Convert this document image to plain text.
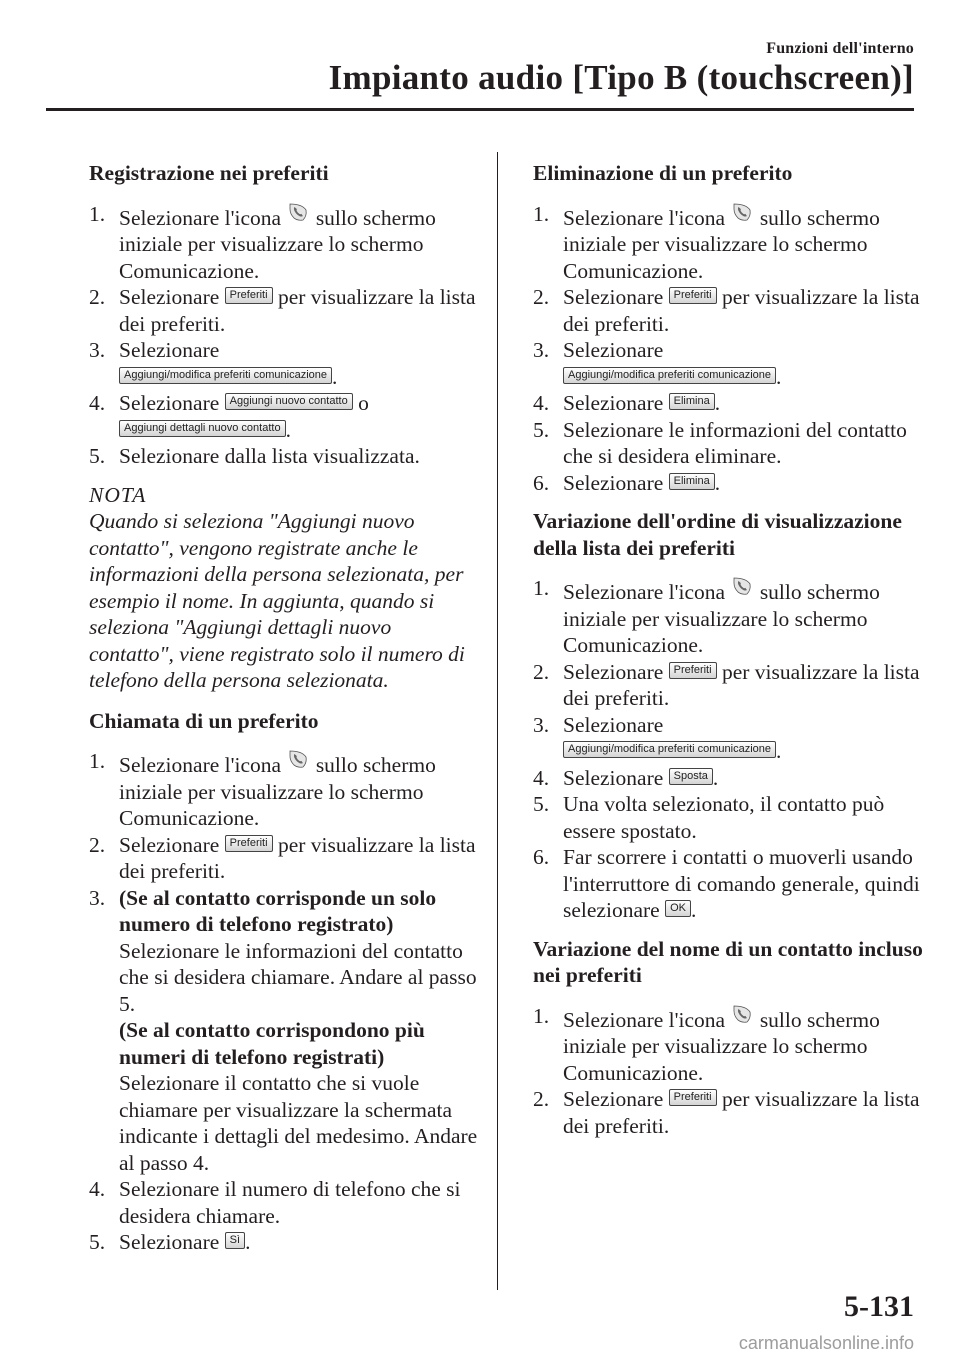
Funzioni dell'interno
Impianto audio [Tipo B (touchscreen)]
Registrazione nei preferiti

1. Selezionare l'icona  sullo schermo iniziale per visualizzare lo schermo Comunicazione.

2. Selezionare Preferiti per visualizzare la lista dei preferiti.

3. Selezionare
Aggiungi/modifica preferiti comunicazione .

4. Selezionare Aggiungi nuovo contatto o
Aggiungi dettagli nuovo contatto .

5. Selezionare dalla lista visualizzata.

NOTA

Quando si seleziona "Aggiungi nuovo contatto", vengono registrate anche le informazioni della persona selezionata, per esempio il nome. In aggiunta, quando si seleziona "Aggiungi dettagli nuovo contatto", viene registrato solo il numero di telefono della persona selezionata.

Chiamata di un preferito

1. Selezionare l'icona  sullo schermo iniziale per visualizzare lo schermo Comunicazione.

2. Selezionare Preferiti per visualizzare la lista dei preferiti.

3. (Se al contatto corrisponde un solo numero di telefono registrato)
Selezionare le informazioni del contatto che si desidera chiamare. Andare al passo 5.
(Se al contatto corrispondono più numeri di telefono registrati)
Selezionare il contatto che si vuole chiamare per visualizzare la schermata indicante i dettagli del medesimo. Andare al passo 4.

4. Selezionare il numero di telefono che si desidera chiamare.

5. Selezionare Sì .

Eliminazione di un preferito

1. Selezionare l'icona  sullo schermo iniziale per visualizzare lo schermo Comunicazione.

2. Selezionare Preferiti per visualizzare la lista dei preferiti.

3. Selezionare
Aggiungi/modifica preferiti comunicazione .

4. Selezionare Elimina .

5. Selezionare le informazioni del contatto che si desidera eliminare.

6. Selezionare Elimina .

Variazione dell'ordine di visualizzazione della lista dei preferiti

1. Selezionare l'icona  sullo schermo iniziale per visualizzare lo schermo Comunicazione.

2. Selezionare Preferiti per visualizzare la lista dei preferiti.

3. Selezionare
Aggiungi/modifica preferiti comunicazione .

4. Selezionare Sposta .

5. Una volta selezionato, il contatto può essere spostato.

6. Far scorrere i contatti o muoverli usando l'interruttore di comando generale, quindi selezionare OK .

Variazione del nome di un contatto incluso nei preferiti

1. Selezionare l'icona  sullo schermo iniziale per visualizzare lo schermo Comunicazione.

2. Selezionare Preferiti per visualizzare la lista dei preferiti.

5-131
carmanualsonline.info
